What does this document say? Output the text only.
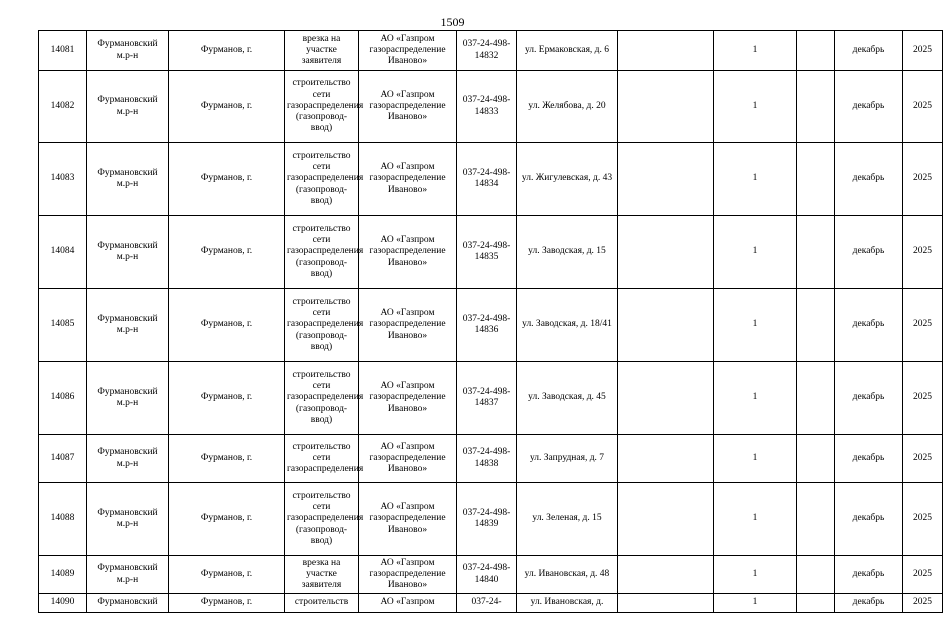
1509
14081	Фурмановский м.р-н	Фурманов, г.	врезка на участке заявителя	АО «Газпром газораспределение Иваново»	037-24-498-14832	ул. Ермаковская, д. 6		1		декабрь	2025
14082	Фурмановский м.р-н	Фурманов, г.	строительство сети газораспределения (газопровод-ввод)	АО «Газпром газораспределение Иваново»	037-24-498-14833	ул. Желябова, д. 20		1		декабрь	2025
14083	Фурмановский м.р-н	Фурманов, г.	строительство сети газораспределения (газопровод-ввод)	АО «Газпром газораспределение Иваново»	037-24-498-14834	ул. Жигулевская, д. 43		1		декабрь	2025
14084	Фурмановский м.р-н	Фурманов, г.	строительство сети газораспределения (газопровод-ввод)	АО «Газпром газораспределение Иваново»	037-24-498-14835	ул. Заводская, д. 15		1		декабрь	2025
14085	Фурмановский м.р-н	Фурманов, г.	строительство сети газораспределения (газопровод-ввод)	АО «Газпром газораспределение Иваново»	037-24-498-14836	ул. Заводская, д. 18/41		1		декабрь	2025
14086	Фурмановский м.р-н	Фурманов, г.	строительство сети газораспределения (газопровод-ввод)	АО «Газпром газораспределение Иваново»	037-24-498-14837	ул. Заводская, д. 45		1		декабрь	2025
14087	Фурмановский м.р-н	Фурманов, г.	строительство сети газораспределения	АО «Газпром газораспределение Иваново»	037-24-498-14838	ул. Запрудная, д. 7		1		декабрь	2025
14088	Фурмановский м.р-н	Фурманов, г.	строительство сети газораспределения (газопровод-ввод)	АО «Газпром газораспределение Иваново»	037-24-498-14839	ул. Зеленая, д. 15		1		декабрь	2025
14089	Фурмановский м.р-н	Фурманов, г.	врезка на участке заявителя	АО «Газпром газораспределение Иваново»	037-24-498-14840	ул. Ивановская, д. 48		1		декабрь	2025
14090	Фурмановский	Фурманов, г.	строительств	АО «Газпром	037-24-	ул. Ивановская, д.		1		декабрь	2025
